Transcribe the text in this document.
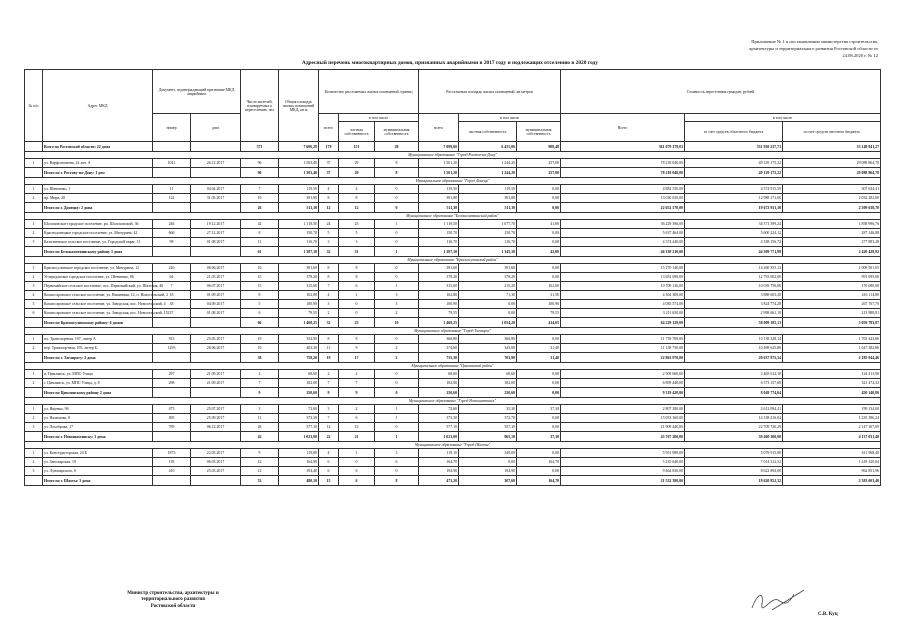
Приложение № 1 к постановлению министерства строительства,
архитектуры и территориального развития Ростовской области от
24.08.2020 г. № 12
Адресный перечень многоквартирных домов, признанных аварийными в 2017 году и подлежащих отселению в 2020 году
№ п/п	Адрес МКД	Документ, подтверждающий признание МКД аварийным		Число жителей, планируемых к переселению, чел	Общая площадь жилых помещений МКД, кв.м	Количество расселяемых жилых помещений, единиц			Расселяемая площадь жилых помещений, кв.метров			Стоимость переселения граждан, рублей		
		номер	дата			всего	в том числе		всего	в том числе		Всего	в том числе	
							частная собственность	муниципальная собственность		частная собственность	муниципальная собственность		за счет средств областного бюджета	за счет средств местного бюджета
	Всего по Ростовской области: 22 дома			371	7 606,28	179	151	28	7 099,60	6 455,06	908,48	361 079 179,03	331 930 237,73	33 148 941,27
Муниципальное образование "Город Ростов-на-Дону"														
1	ул. Варфоломеева, 24 лит. А	1041	26.12.2017	96	1 503,40	37	29	8	1 501,20	1 244,20	257,00	78 218 040,00	49 129 175,22	29 088 864,78
	Итого по г. Ростову-на-Дону: 1 дом			96	1 503,40	37	29	8	1 501,20	1 244,20	257,00	78 218 040,00	49 129 175,22	29 088 864,78
Муниципальное образование "Город Донецк"														
1	ул. Шевченко, 1	11	04.04.2017	7	119,50	4	4	0	119,50	119,50	0,00	4 882 550,00	4 574 915,59	307 634,41
2	пр. Мира, 28	124	31.05.2017	19	391,80	8	8	0	391,80	391,80	0,00	13 030 020,00	12 988 171,00	2 032 282,00
	Итого по г. Донецку: 2 дома			26	511,30	12	12	0	511,30	511,30	0,00	22 652 570,00	19 672 931,30	2 509 638,70
Муниципальное образование "Белокалитвинский район"														
1	Шолоховское городское поселение, рп. Шолоховский, 36	246	19.12.2017	42	1 119,50	24	23	1	1 119,50	1 077,70	41,80	36 229 396,00	34 371 399,24	1 858 996,76
2	Краснодонецкое городское поселение, ул. Мичурина, 42	666	27.12.2017	8	150,70	5	5	0	150,70	150,70	0,00	5 637 464,00	5 600 224,12	287 146,88
3	Калитвенское сельское поселение, ул. Городской овраг, 11	98	01.08.2017	11	116,70	3	3	0	116,70	116,70	0,00	4 374 440,00	4 338 156,72	277 883,28
	Итого по Белокалитвинскому району 3 дома			61	1 387,10	32	31	1	1 387,10	1 345,10	42,00	46 138 210,00	44 309 771,98	2 420 428,92
Муниципальное образование "Красносулинский район"														
1	Красносулинское городское поселение, ул. Мичурина, 12	226	06.06.2017	16	391,60	8	8	0	391,60	391,60	0,00	15 270 140,00	14 260 355,13	1 009 501,05
2	Углеродовское городское поселение, ул. Шевченко, 86	64	21.03.2017	15	378,20	8	8	0	378,20	378,20	0,00	13 652 096,00	12 793 002,00	991 095,00
3	Первомайское сельское поселение, пос. Первомайский, ул. Шахтная, 40	7	06.07.2017	15	315,60	7	6	1	315,60	215,20	102,00	10 709 136,00	10 039 750,00	170 080,00
4	Комиссаровское сельское поселение, ул. Вишневая, 12, п. Новосельский, 2	18	01.09.2017	8	102,80	4	1	3	102,80	71,30	31,50	4 304 300,00	3 888 605,20	416 114,80
5	Комиссаровское сельское поселение, ул. Заводская, пос. Новосельский, 4	38	04.09.2017	5	100,90	3	0	3	100,90	0,00	100,90	4 085 574,00	3 824 774,28	267 767,70
6	Комиссаровское сельское поселение, ул. Заводская, пос. Новосельский, 152	37	01.08.2017	6	79,55	2	0	2	79,55	0,00	79,55	3 211 650,00	2 998 661,19	213 988,81
	Итого по Красносулинскому району: 6 домов			66	1 468,25	32	23	10	1 468,25	1 054,20	414,05	64 229 129,00	58 009 185,13	5 059 783,87
Муниципальное образование "Город Таганрог"														
1	пл. Транспортная, 197, литер А	913	25.05.2017	19	354,90	8	8	0	360,80	360,80	0,00	11 739 700,00	10 138 328,14	1 763 443,86
2	пер. Транспортная, 195, литер Б	1293	26.06.2017	19	403,30	11	9	2	374,60	343,00	31,40	11 138 750,00	10 498 625,86	1 647 282,86
	Итого по г. Таганрогу: 2 дома			38	758,20	19	17	2	735,30	703,90	31,40	22 863 970,00	20 637 975,54	2 185 944,46
Муниципальное образование "Цимлянский район"														
1	п. Цимлянск, ул. МПС-Улица	297	21.09.2017	2	68,60	2	2	0	68,60	68,60	0,00	2 509 660,00	2 465 612,10	124 413,90
2	г. Цимлянск, ул. МПС-Улица, д. 8	298	21.09.2017	7	182,00	7	7	0	182,00	182,00	0,00	6 809 440,00	6 573 157,68	321 472,32
	Итого по Цимлянскому району 2 дома			9	250,60	9	9	0	250,60	250,60	0,00	9 319 420,00	8 049 774,04	450 140,86
Муниципальное образование "Город Новошахтинск"														
1	ул. Ященко, 96	475	25.07.2017	3	72,60	3	2	1	72,60	35,30	37,30	2 807 280,00	2 612 094,41	199 134,00
2	ул. Нахимова, 8	495	25.09.2017	11	373,30	7	6	1	373,30	372,70	0,00	15 053 160,00	14 138 416,04	1 235 396,24
3	ул. Лохоброва, 17	789	06.12.2017	28	577,10	12	12	0	577,10	557,10	0,00	21 909 440,00	22 709 720,29	2 147 107,09
	Итого по г. Новошахтинску: 3 дома			42	1 023,00	22	21	1	1 023,00	965,10	37,30	43 767 280,00	39 460 300,00	4 137 031,40
Муниципальное образование "Город Шахты"														
1	ул. Конструкторская, 24 Б	1873	22.05.2017	9	119,80	4	1	3	119,10	349,00	0,00	5 951 980,00	5 079 915,80	611 968,40
2	ул. Заполярская, 19	118	06.03.2017	12	164,90	6	0	6	164,70	0,00	164,70	5 235 640,00	7 014 312,52	1 418 320,04
3	ул. Луначарского, 6	410	25.03.2017	12	194,40	6	6	0	194,90	194,90	0,00	9 464 830,00	8 622 894,00	962 851,96
	Итого по г. Шахты: 3 дома			33	480,10	15	6	8	473,20	307,60	164,70	21 532 380,00	18 620 852,32	2 383 603,40
Министр строительства, архитектуры и
территориального развития
Ростовской области
С.В. Куц
